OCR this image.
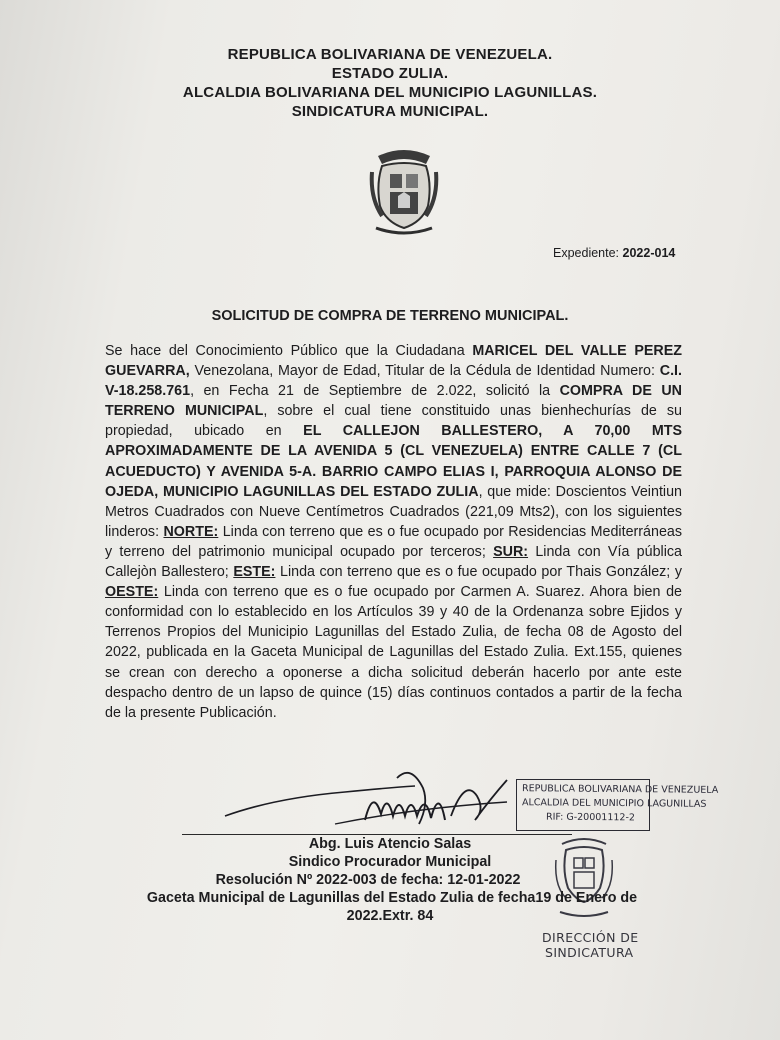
REPUBLICA BOLIVARIANA DE VENEZUELA.
ESTADO ZULIA.
ALCALDIA BOLIVARIANA DEL MUNICIPIO LAGUNILLAS.
SINDICATURA MUNICIPAL.
Expediente: 2022-014
SOLICITUD DE COMPRA DE TERRENO MUNICIPAL.
Se hace del Conocimiento Público que la Ciudadana MARICEL DEL VALLE PEREZ GUEVARRA, Venezolana, Mayor de Edad, Titular de la Cédula de Identidad Numero: C.I. V-18.258.761, en Fecha 21 de Septiembre de 2.022, solicitó la COMPRA DE UN TERRENO MUNICIPAL, sobre el cual tiene constituido unas bienhechurías de su propiedad, ubicado en EL CALLEJON BALLESTERO, A 70,00 MTS APROXIMADAMENTE DE LA AVENIDA 5 (CL VENEZUELA) ENTRE CALLE 7 (CL ACUEDUCTO) Y AVENIDA 5-A. BARRIO CAMPO ELIAS I, PARROQUIA ALONSO DE OJEDA, MUNICIPIO LAGUNILLAS DEL ESTADO ZULIA, que mide: Doscientos Veintiun Metros Cuadrados con Nueve Centímetros Cuadrados (221,09 Mts2), con los siguientes linderos: NORTE: Linda con terreno que es o fue ocupado por Residencias Mediterráneas y terreno del patrimonio municipal ocupado por terceros; SUR: Linda con Vía pública Callejòn Ballestero; ESTE: Linda con terreno que es o fue ocupado por Thais González; y OESTE: Linda con terreno que es o fue ocupado por Carmen A. Suarez. Ahora bien de conformidad con lo establecido en los Artículos 39 y 40 de la Ordenanza sobre Ejidos y Terrenos Propios del Municipio Lagunillas del Estado Zulia, de fecha 08 de Agosto del 2022, publicada en la Gaceta Municipal de Lagunillas del Estado Zulia. Ext.155, quienes se crean con derecho a oponerse a dicha solicitud deberán hacerlo por ante este despacho dentro de un lapso de quince (15) días continuos contados a partir de la fecha de la presente Publicación.
REPUBLICA BOLIVARIANA DE VENEZUELA
ALCALDIA DEL MUNICIPIO LAGUNILLAS
RIF: G-20001112-2
DIRECCIÓN DE
SINDICATURA
Abg. Luis Atencio Salas
Sindico Procurador Municipal
Resolución Nº 2022-003 de fecha: 12-01-2022
Gaceta Municipal de Lagunillas del Estado Zulia de fecha19 de Enero de
2022.Extr. 84
